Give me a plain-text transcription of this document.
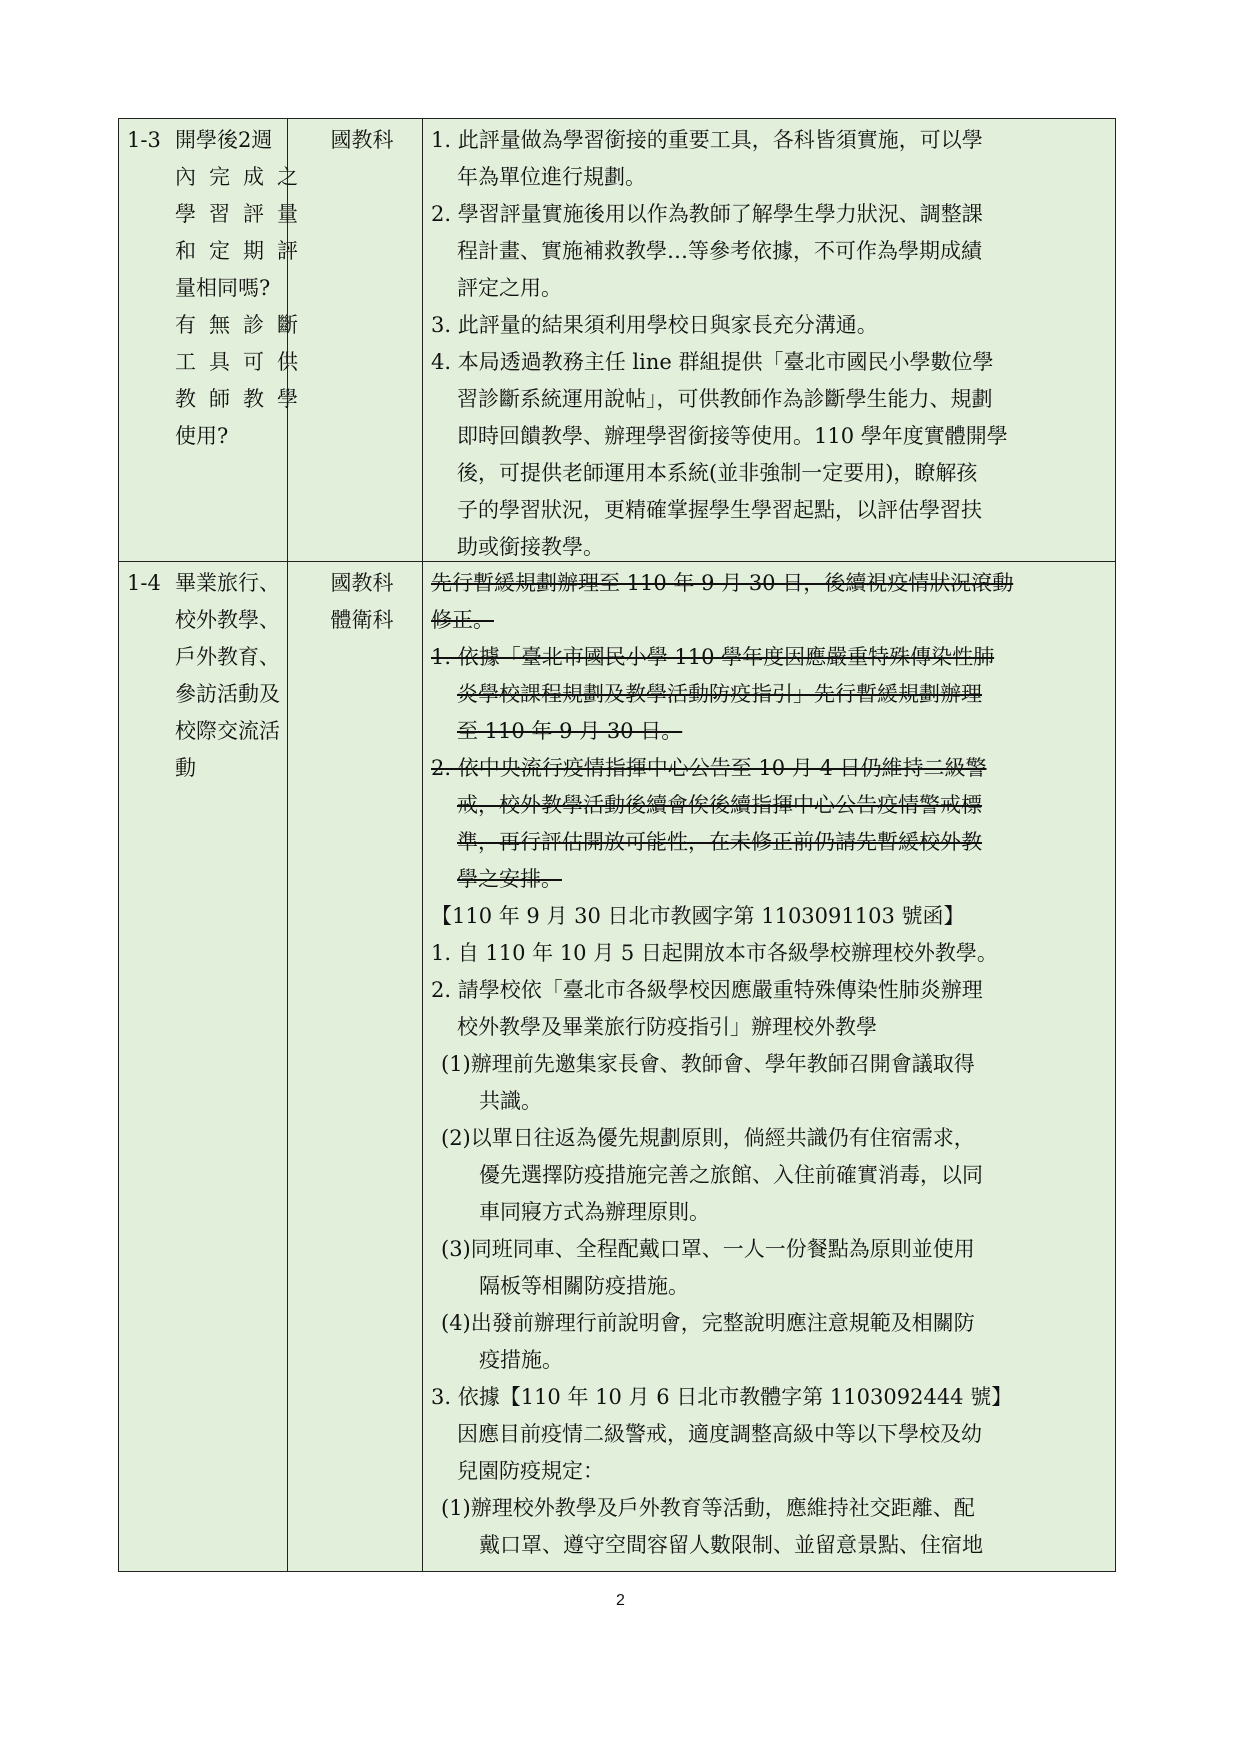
1-3 開學後2週
內完成之
學習評量
和定期評
量相同嗎?
有無診斷
工具可供
教師教學
使用?
國教科	1. 此評量做為學習銜接的重要工具，各科皆須實施，可以學
年為單位進行規劃。
2. 學習評量實施後用以作為教師了解學生學力狀況、調整課
程計畫、實施補救教學…等參考依據，不可作為學期成績
評定之用。
3. 此評量的結果須利用學校日與家長充分溝通。
4. 本局透過教務主任 line 群組提供「臺北市國民小學數位學
習診斷系統運用說帖」，可供教師作為診斷學生能力、規劃
即時回饋教學、辦理學習銜接等使用。110 學年度實體開學
後，可提供老師運用本系統(並非強制一定要用)，瞭解孩
子的學習狀況，更精確掌握學生學習起點，以評估學習扶
助或銜接教學。
1-4 畢業旅行、
校外教學、
戶外教育、
參訪活動及
校際交流活
動
國教科
體衛科
先行暫緩規劃辦理至 110 年 9 月 30 日，後續視疫情狀況滾動
修正。
1. 依據「臺北市國民小學 110 學年度因應嚴重特殊傳染性肺
炎學校課程規劃及教學活動防疫指引」先行暫緩規劃辦理
至 110 年 9 月 30 日。
2. 依中央流行疫情指揮中心公告至 10 月 4 日仍維持二級警
戒，校外教學活動後續會俟後續指揮中心公告疫情警戒標
準，再行評估開放可能性，在未修正前仍請先暫緩校外教
學之安排。
【110 年 9 月 30 日北市教國字第 1103091103 號函】
1. 自 110 年 10 月 5 日起開放本市各級學校辦理校外教學。
2. 請學校依「臺北市各級學校因應嚴重特殊傳染性肺炎辦理
校外教學及畢業旅行防疫指引」辦理校外教學
(1)辦理前先邀集家長會、教師會、學年教師召開會議取得
共識。
(2)以單日往返為優先規劃原則，倘經共識仍有住宿需求，
優先選擇防疫措施完善之旅館、入住前確實消毒，以同
車同寢方式為辦理原則。
(3)同班同車、全程配戴口罩、一人一份餐點為原則並使用
隔板等相關防疫措施。
(4)出發前辦理行前說明會，完整說明應注意規範及相關防
疫措施。
3. 依據【110 年 10 月 6 日北市教體字第 1103092444 號】
因應目前疫情二級警戒，適度調整高級中等以下學校及幼
兒園防疫規定：
(1)辦理校外教學及戶外教育等活動，應維持社交距離、配
戴口罩、遵守空間容留人數限制、並留意景點、住宿地
2
